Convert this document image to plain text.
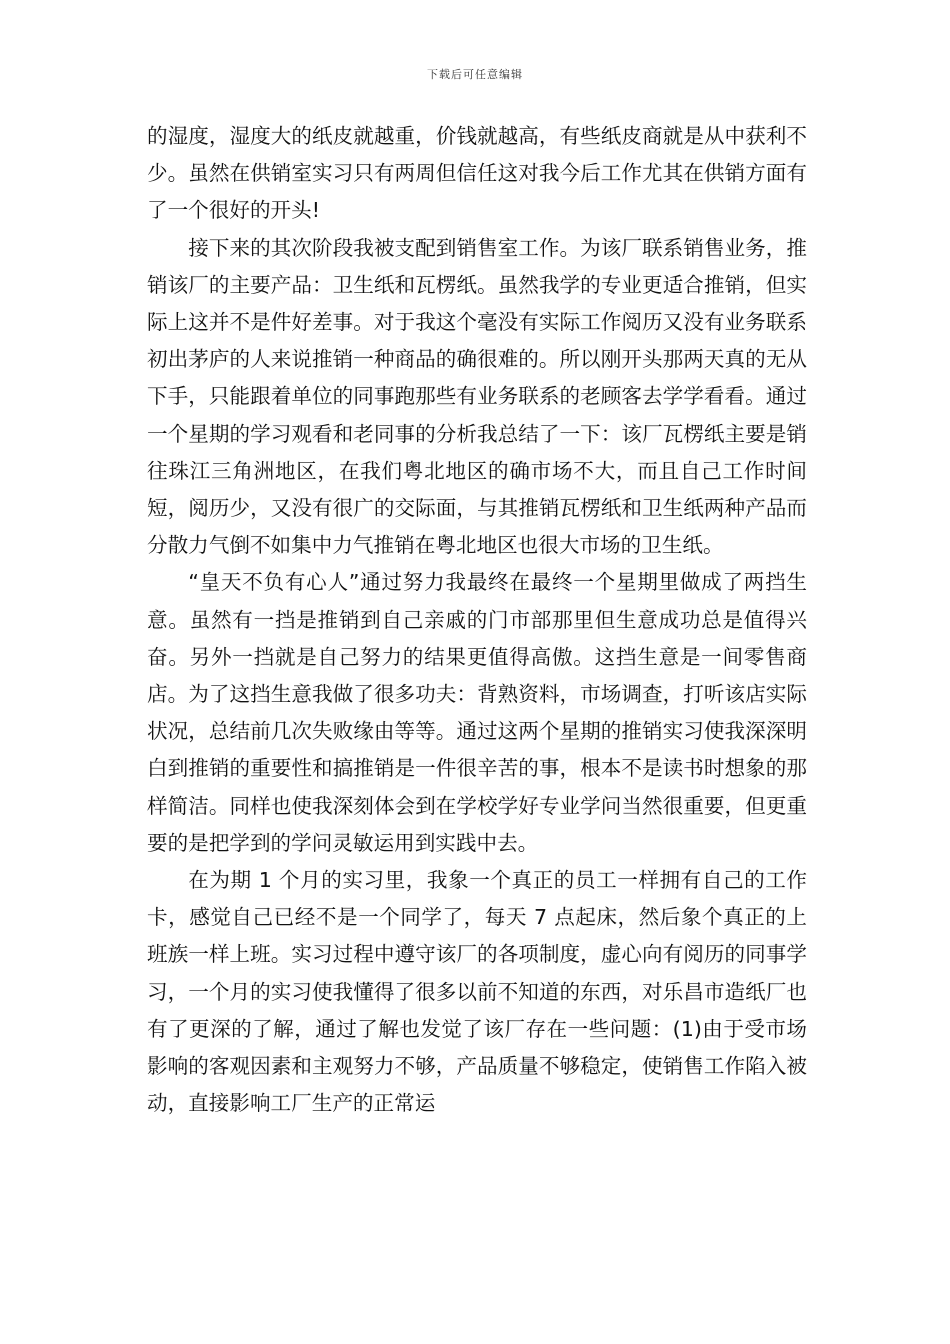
下载后可任意编辑

的湿度，湿度大的纸皮就越重，价钱就越高，有些纸皮商就是从中获利不少。虽然在供销室实习只有两周但信任这对我今后工作尤其在供销方面有了一个很好的开头!

接下来的其次阶段我被支配到销售室工作。为该厂联系销售业务，推销该厂的主要产品：卫生纸和瓦楞纸。虽然我学的专业更适合推销，但实际上这并不是件好差事。对于我这个毫没有实际工作阅历又没有业务联系初出茅庐的人来说推销一种商品的确很难的。所以刚开头那两天真的无从下手，只能跟着单位的同事跑那些有业务联系的老顾客去学学看看。通过一个星期的学习观看和老同事的分析我总结了一下：该厂瓦楞纸主要是销往珠江三角洲地区，在我们粤北地区的确市场不大，而且自己工作时间短，阅历少，又没有很广的交际面，与其推销瓦楞纸和卫生纸两种产品而分散力气倒不如集中力气推销在粤北地区也很大市场的卫生纸。

“皇天不负有心人”通过努力我最终在最终一个星期里做成了两挡生意。虽然有一挡是推销到自己亲戚的门市部那里但生意成功总是值得兴奋。另外一挡就是自己努力的结果更值得高傲。这挡生意是一间零售商店。为了这挡生意我做了很多功夫：背熟资料，市场调查，打听该店实际状况，总结前几次失败缘由等等。通过这两个星期的推销实习使我深深明白到推销的重要性和搞推销是一件很辛苦的事，根本不是读书时想象的那样简洁。同样也使我深刻体会到在学校学好专业学问当然很重要，但更重要的是把学到的学问灵敏运用到实践中去。

在为期 1 个月的实习里，我象一个真正的员工一样拥有自己的工作卡，感觉自己已经不是一个同学了，每天 7 点起床，然后象个真正的上班族一样上班。实习过程中遵守该厂的各项制度，虚心向有阅历的同事学习，一个月的实习使我懂得了很多以前不知道的东西，对乐昌市造纸厂也有了更深的了解，通过了解也发觉了该厂存在一些问题：(1)由于受市场影响的客观因素和主观努力不够，产品质量不够稳定，使销售工作陷入被动，直接影响工厂生产的正常运
